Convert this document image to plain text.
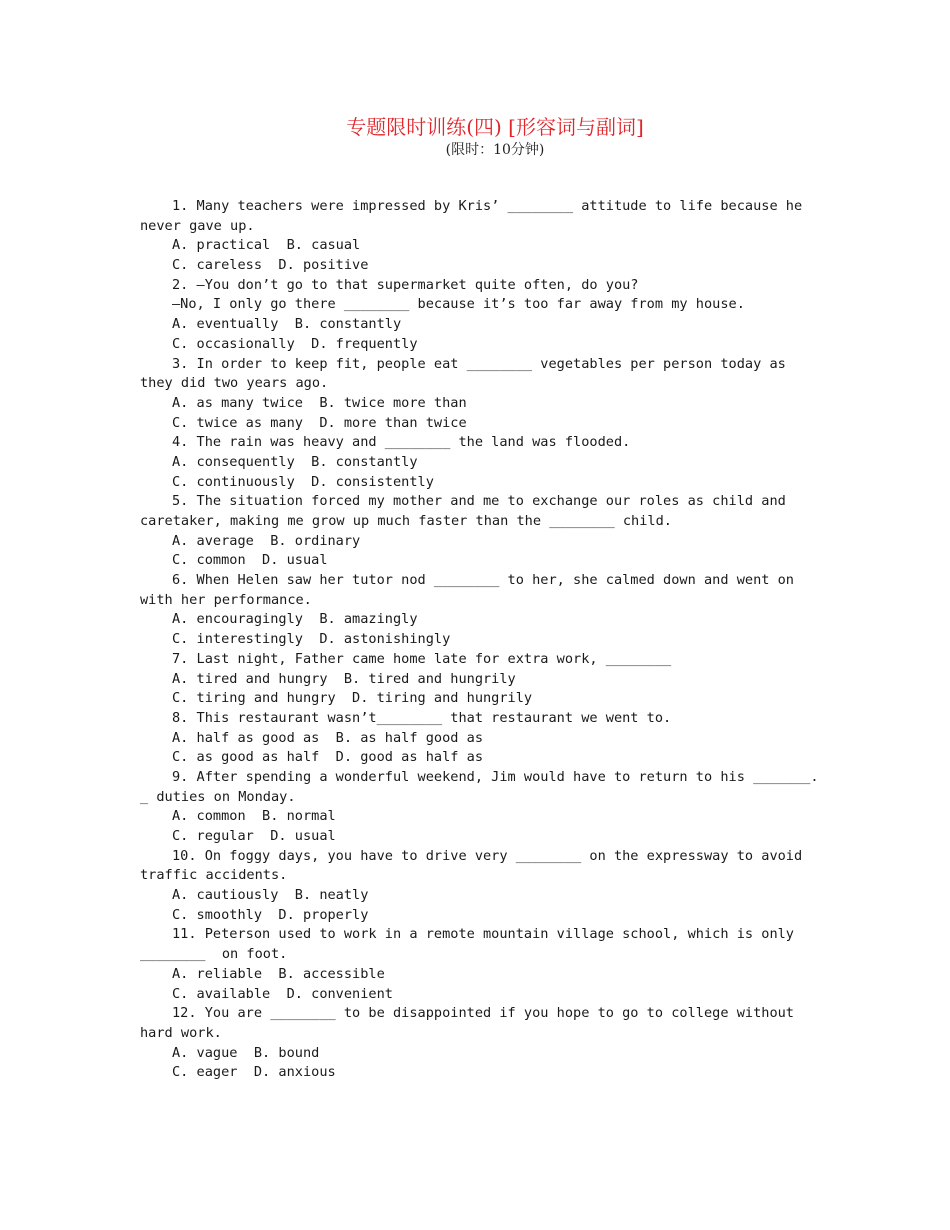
专题限时训练(四) [形容词与副词]
(限时：10分钟)
1. Many teachers were impressed by Kris’ ________ attitude to life because he
never gave up.
A. practical  B. casual
C. careless  D. positive
2. —You don’t go to that supermarket quite often, do you?
—No, I only go there ________ because it’s too far away from my house.
A. eventually  B. constantly
C. occasionally  D. frequently
3. In order to keep fit, people eat ________ vegetables per person today as
they did two years ago.
A. as many twice  B. twice more than
C. twice as many  D. more than twice
4. The rain was heavy and ________ the land was flooded.
A. consequently  B. constantly
C. continuously  D. consistently
5. The situation forced my mother and me to exchange our roles as child and
caretaker, making me grow up much faster than the ________ child.
A. average  B. ordinary
C. common  D. usual
6. When Helen saw her tutor nod ________ to her, she calmed down and went on
with her performance.
A. encouragingly  B. amazingly
C. interestingly  D. astonishingly
7. Last night, Father came home late for extra work, ________
A. tired and hungry  B. tired and hungrily
C. tiring and hungry  D. tiring and hungrily
8. This restaurant wasn’t________ that restaurant we went to.
A. half as good as  B. as half good as
C. as good as half  D. good as half as
9. After spending a wonderful weekend, Jim would have to return to his _______.
_ duties on Monday.
A. common  B. normal
C. regular  D. usual
10. On foggy days, you have to drive very ________ on the expressway to avoid
traffic accidents.
A. cautiously  B. neatly
C. smoothly  D. properly
11. Peterson used to work in a remote mountain village school, which is only
________  on foot.
A. reliable  B. accessible
C. available  D. convenient
12. You are ________ to be disappointed if you hope to go to college without
hard work.
A. vague  B. bound
C. eager  D. anxious
